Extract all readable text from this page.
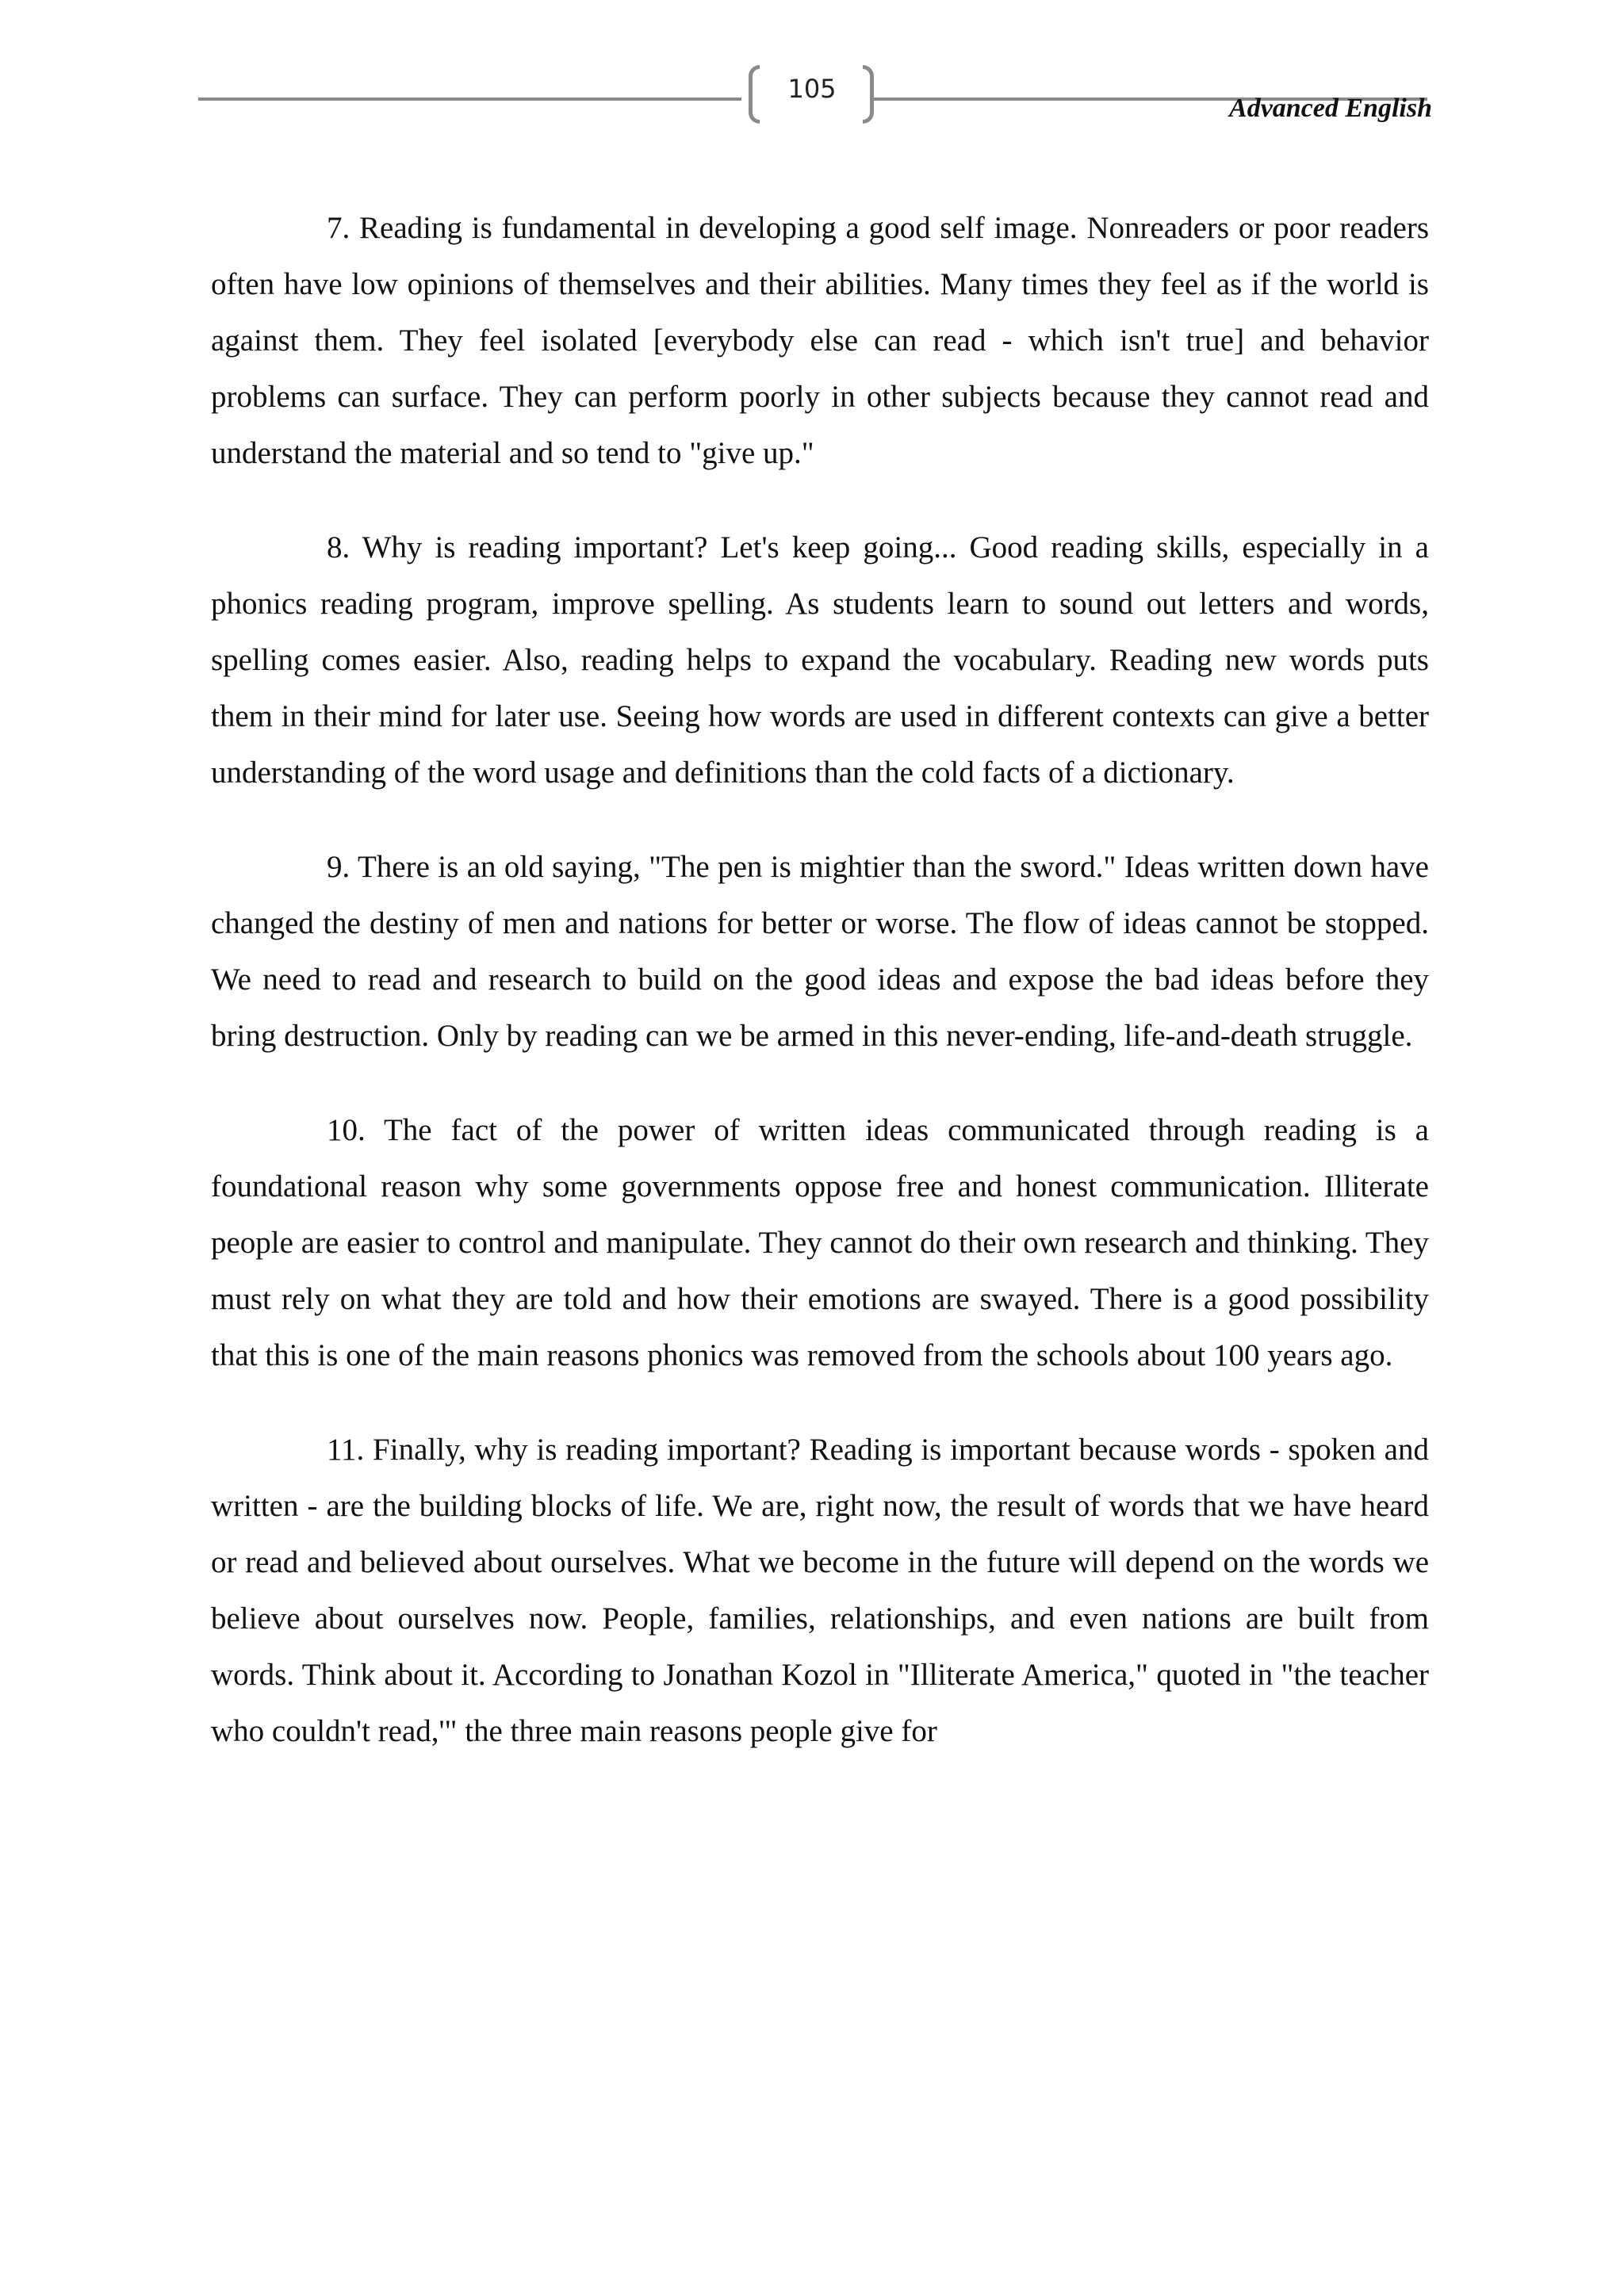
105
Advanced English

7. Reading is fundamental in developing a good self image. Nonreaders or poor readers often have low opinions of themselves and their abilities. Many times they feel as if the world is against them. They feel isolated [everybody else can read - which isn't true] and behavior problems can surface. They can perform poorly in other subjects because they cannot read and understand the material and so tend to "give up."

8. Why is reading important? Let's keep going... Good reading skills, especially in a phonics reading program, improve spelling. As students learn to sound out letters and words, spelling comes easier. Also, reading helps to expand the vocabulary. Reading new words puts them in their mind for later use. Seeing how words are used in different contexts can give a better understanding of the word usage and definitions than the cold facts of a dictionary.

9. There is an old saying, "The pen is mightier than the sword." Ideas written down have changed the destiny of men and nations for better or worse. The flow of ideas cannot be stopped. We need to read and research to build on the good ideas and expose the bad ideas before they bring destruction. Only by reading can we be armed in this never-ending, life-and-death struggle.

10. The fact of the power of written ideas communicated through reading is a foundational reason why some governments oppose free and honest communication. Illiterate people are easier to control and manipulate. They cannot do their own research and thinking. They must rely on what they are told and how their emotions are swayed. There is a good possibility that this is one of the main reasons phonics was removed from the schools about 100 years ago.

11. Finally, why is reading important? Reading is important because words - spoken and written - are the building blocks of life. We are, right now, the result of words that we have heard or read and believed about ourselves. What we become in the future will depend on the words we believe about ourselves now. People, families, relationships, and even nations are built from words. Think about it. According to Jonathan Kozol in "Illiterate America," quoted in "the teacher who couldn't read,'" the three main reasons people give for
